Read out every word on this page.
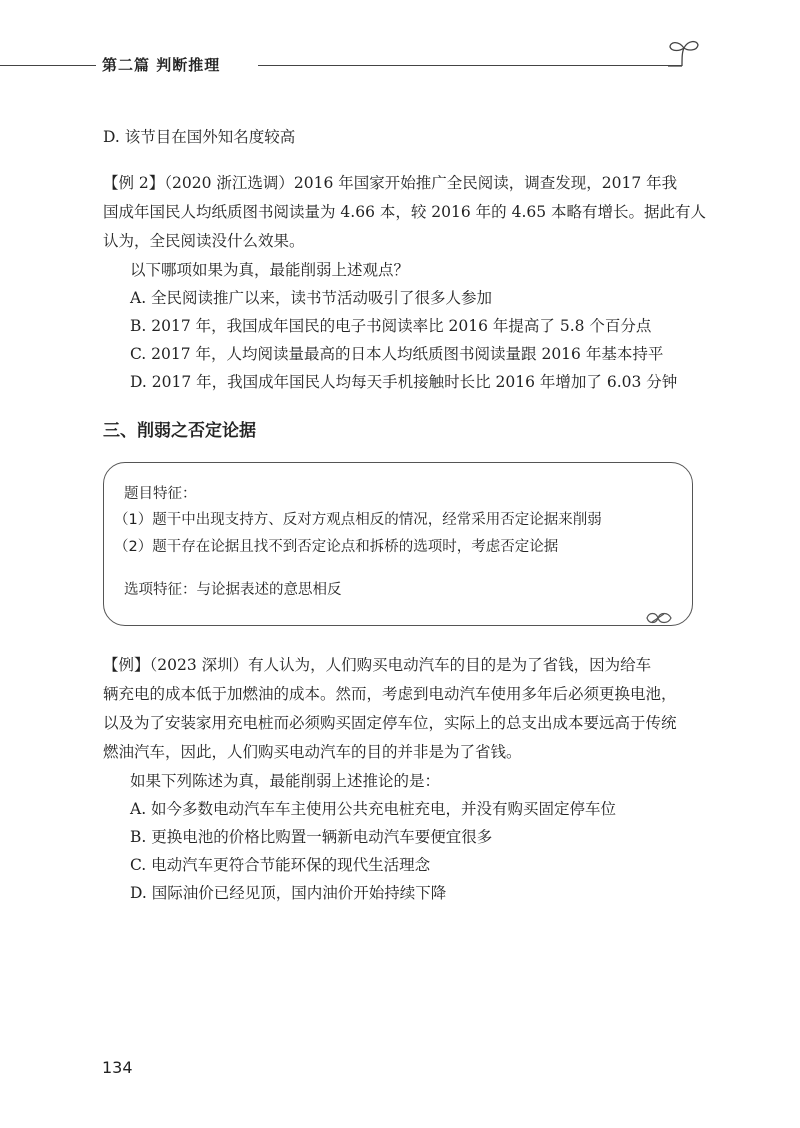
第二篇 判断推理
D. 该节目在国外知名度较高
【例 2】（2020 浙江选调）2016 年国家开始推广全民阅读，调查发现，2017 年我
国成年国民人均纸质图书阅读量为 4.66 本，较 2016 年的 4.65 本略有增长。据此有人
认为，全民阅读没什么效果。
以下哪项如果为真，最能削弱上述观点？
A. 全民阅读推广以来，读书节活动吸引了很多人参加
B. 2017 年，我国成年国民的电子书阅读率比 2016 年提高了 5.8 个百分点
C. 2017 年，人均阅读量最高的日本人均纸质图书阅读量跟 2016 年基本持平
D. 2017 年，我国成年国民人均每天手机接触时长比 2016 年增加了 6.03 分钟
三、削弱之否定论据
题目特征：
（1）题干中出现支持方、反对方观点相反的情况，经常采用否定论据来削弱
（2）题干存在论据且找不到否定论点和拆桥的选项时，考虑否定论据
选项特征：与论据表述的意思相反
【例】（2023 深圳）有人认为，人们购买电动汽车的目的是为了省钱，因为给车
辆充电的成本低于加燃油的成本。然而，考虑到电动汽车使用多年后必须更换电池，
以及为了安装家用充电桩而必须购买固定停车位，实际上的总支出成本要远高于传统
燃油汽车，因此，人们购买电动汽车的目的并非是为了省钱。
如果下列陈述为真，最能削弱上述推论的是：
A. 如今多数电动汽车车主使用公共充电桩充电，并没有购买固定停车位
B. 更换电池的价格比购置一辆新电动汽车要便宜很多
C. 电动汽车更符合节能环保的现代生活理念
D. 国际油价已经见顶，国内油价开始持续下降
134
